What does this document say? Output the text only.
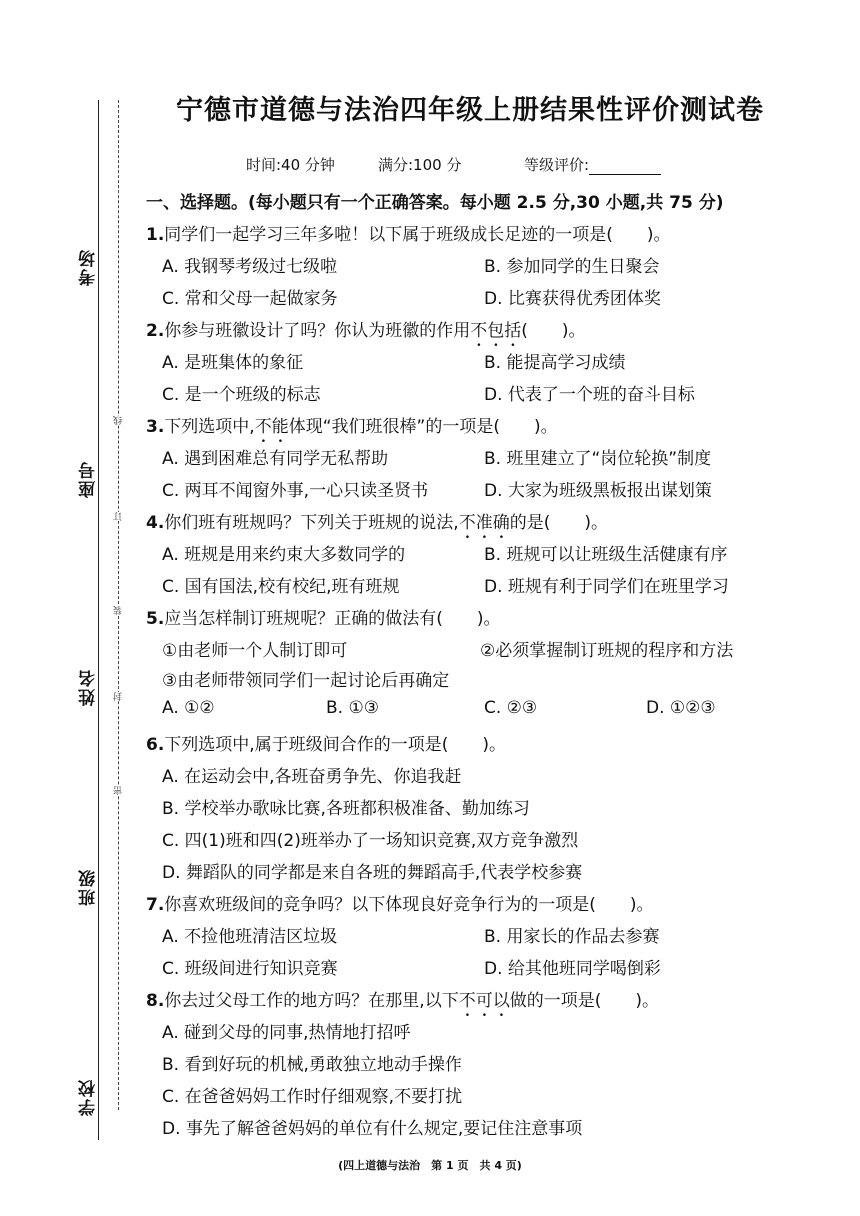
考场
座号
姓名
班级
学校
线
订
装
封
密
宁德市道德与法治四年级上册结果性评价测试卷
时间:40 分钟	满分:100 分	等级评价:
一、选择题。(每小题只有一个正确答案。每小题 2.5 分,30 小题,共 75 分)
1.同学们一起学习三年多啦！以下属于班级成长足迹的一项是(　　)。
A. 我钢琴考级过七级啦	B. 参加同学的生日聚会
C. 常和父母一起做家务	D. 比赛获得优秀团体奖
2.你参与班徽设计了吗？你认为班徽的作用不包括(　　)。
A. 是班集体的象征	B. 能提高学习成绩
C. 是一个班级的标志	D. 代表了一个班的奋斗目标
3.下列选项中,不能体现“我们班很棒”的一项是(　　)。
A. 遇到困难总有同学无私帮助	B. 班里建立了“岗位轮换”制度
C. 两耳不闻窗外事,一心只读圣贤书	D. 大家为班级黑板报出谋划策
4.你们班有班规吗？下列关于班规的说法,不准确的是(　　)。
A. 班规是用来约束大多数同学的	B. 班规可以让班级生活健康有序
C. 国有国法,校有校纪,班有班规	D. 班规有利于同学们在班里学习
5.应当怎样制订班规呢？正确的做法有(　　)。
①由老师一个人制订即可	②必须掌握制订班规的程序和方法
③由老师带领同学们一起讨论后再确定
A. ①②	B. ①③	C. ②③	D. ①②③
6.下列选项中,属于班级间合作的一项是(　　)。
A. 在运动会中,各班奋勇争先、你追我赶
B. 学校举办歌咏比赛,各班都积极准备、勤加练习
C. 四(1)班和四(2)班举办了一场知识竞赛,双方竞争激烈
D. 舞蹈队的同学都是来自各班的舞蹈高手,代表学校参赛
7.你喜欢班级间的竞争吗？以下体现良好竞争行为的一项是(　　)。
A. 不捡他班清洁区垃圾	B. 用家长的作品去参赛
C. 班级间进行知识竞赛	D. 给其他班同学喝倒彩
8.你去过父母工作的地方吗？在那里,以下不可以做的一项是(　　)。
A. 碰到父母的同事,热情地打招呼
B. 看到好玩的机械,勇敢独立地动手操作
C. 在爸爸妈妈工作时仔细观察,不要打扰
D. 事先了解爸爸妈妈的单位有什么规定,要记住注意事项
(四上道德与法治　第 1 页　共 4 页)
